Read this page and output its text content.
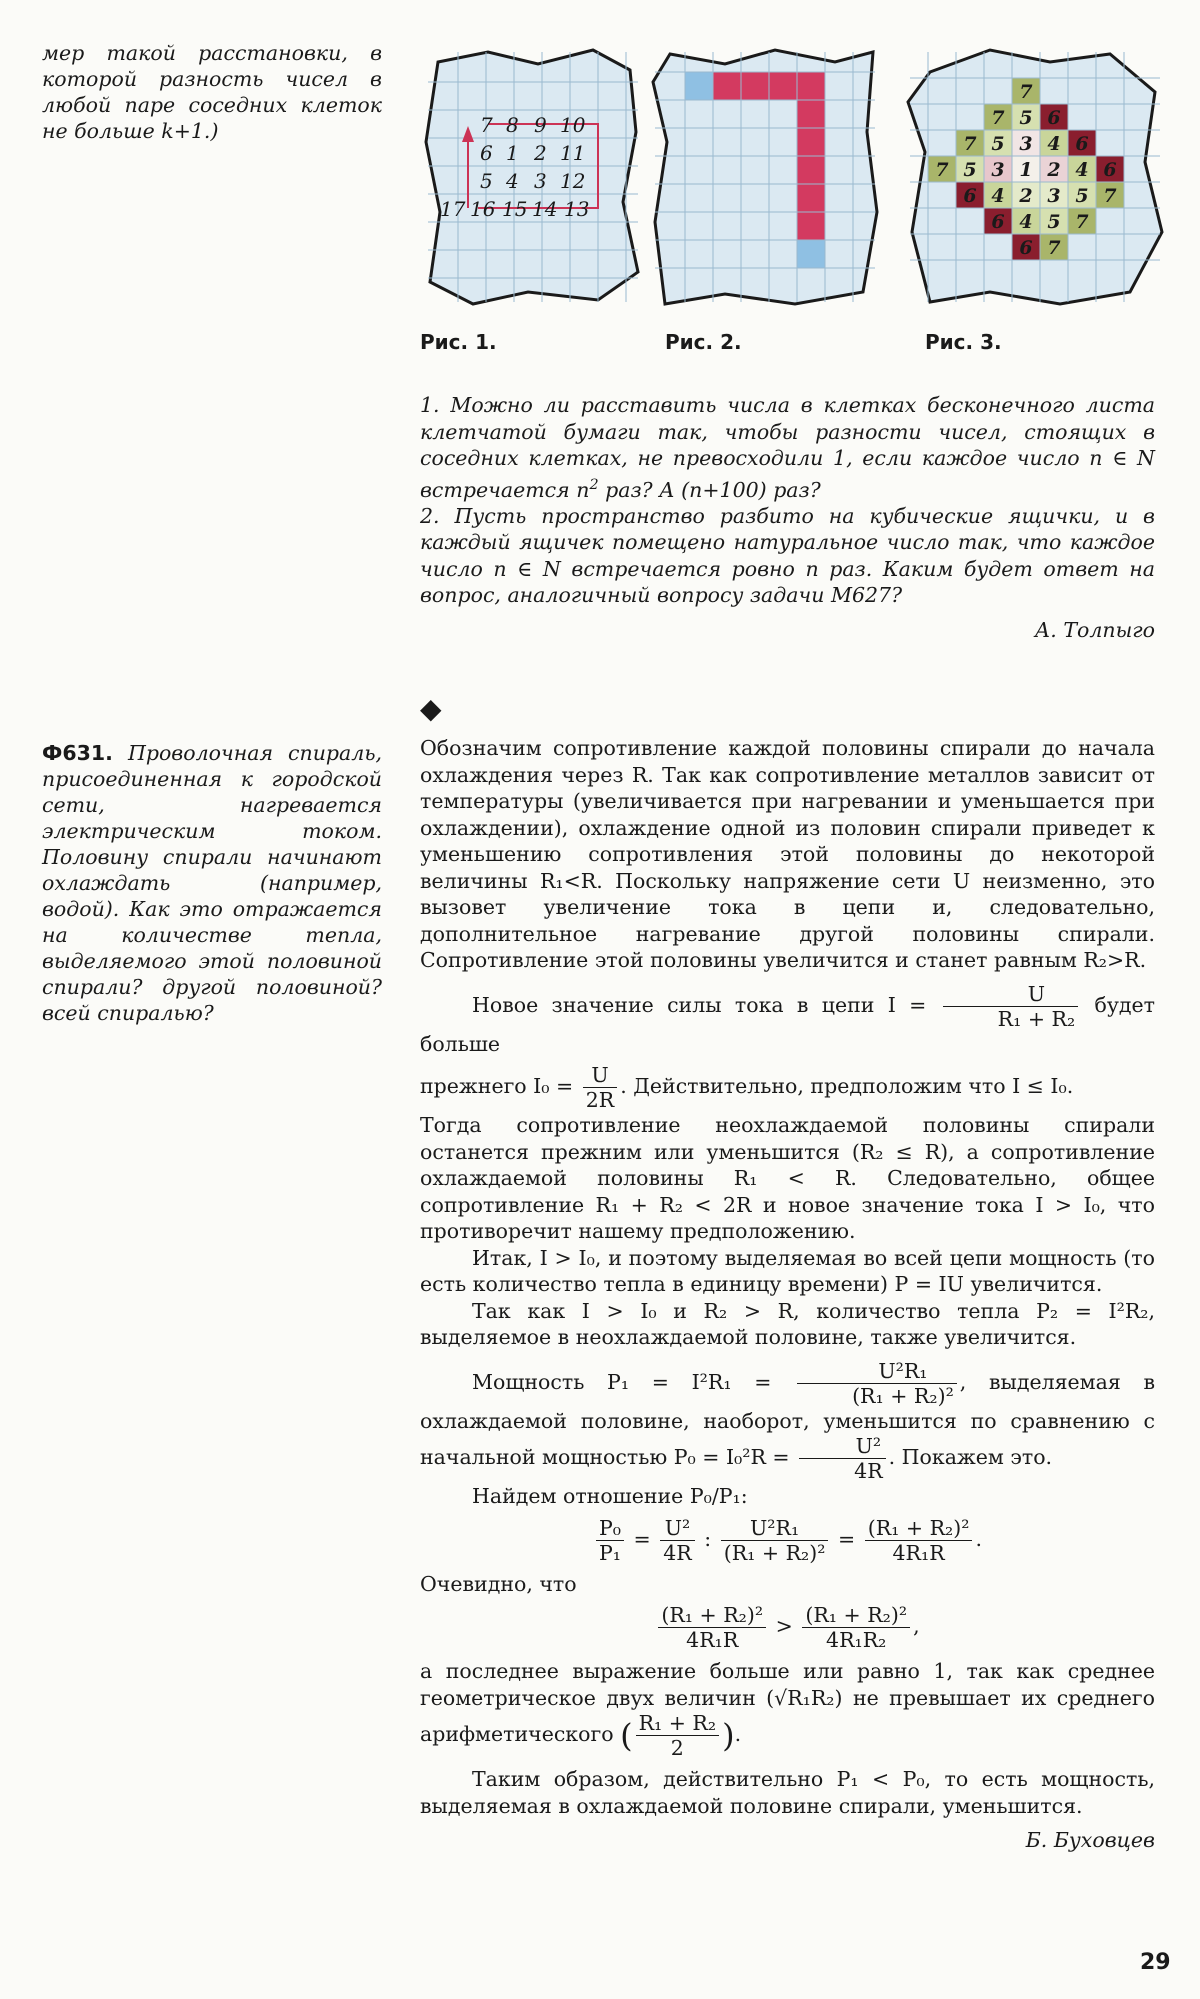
мер такой расстановки, в которой разность чисел в любой паре соседних клеток не больше k+1.)	7 8 9 10
6 1 2 11
5 4 3 12
17 16 15 14 13
7
7 5 6
7 5 3 4 6
7 5 3 1 2 4 6
6 4 2 3 5 7
6 4 5 7
6 7
Рис. 1.	Рис. 2.	Рис. 3.

1. Можно ли расставить числа в клетках бесконечного листа клетчатой бумаги так, чтобы разности чисел, стоящих в соседних клетках, не превосходили 1, если каждое число n ∈ N встречается $n^2$ раз? А (n+100) раз?

2. Пусть пространство разбито на кубические ящички, и в каждый ящичек помещено натуральное число так, что каждое число n ∈ N встречается ровно n раз. Каким будет ответ на вопрос, аналогичный вопросу задачи М627?

А. Толпыго

Ф631. Проволочная спираль, присоединенная к городской сети, нагревается электрическим током. Половину спирали начинают охлаждать (например, водой). Как это отражается на количестве тепла, выделяемого этой половиной спирали? другой половиной? всей спиралью?
◆

Обозначим сопротивление каждой половины спирали до начала охлаждения через R. Так как сопротивление металлов зависит от температуры (увеличивается при нагревании и уменьшается при охлаждении), охлаждение одной из половин спирали приведет к уменьшению сопротивления этой половины до некоторой величины R₁<R. Поскольку напряжение сети U неизменно, это вызовет увеличение тока в цепи и, следовательно, дополнительное нагревание другой половины спирали. Сопротивление этой половины увеличится и станет равным R₂>R.

Новое значение силы тока в цепи $I = \frac{U}{\text{R₁ + R₂}}$ будет больше

прежнего $I_0 = \frac{U}{2R}$ . Действительно, предположим что I ≤ I₀.

Тогда сопротивление неохлаждаемой половины спирали останется прежним или уменьшится (R₂ ≤ R), а сопротивление охлаждаемой половины R₁ < R. Следовательно, общее сопротивление R₁ + R₂ < 2R и новое значение тока I > I₀, что противоречит нашему предположению.

Итак, I > I₀, и поэтому выделяемая во всей цепи мощность (то есть количество тепла в единицу времени) P = IU увеличится.

Так как I > I₀ и R₂ > R, количество тепла P₂ = I²R₂, выделяемое в неохлаждаемой половине, также увеличится.

Мощность $P_1 = I^2R_1 = \frac{\text{U²R₁}}{\text{(R₁ + R₂)²}}$ , выделяемая в охлаждаемой половине, наоборот, уменьшится по сравнению с начальной мощностью $P_0 = I_0^2R = \frac{\text{U²}}{4R}$ . Покажем это.

Найдем отношение P₀/P₁:

$\frac{\text{P₀}}{\text{P₁}} = \frac{\text{U²}}{4R}$ : $\frac{\text{U²R₁}}{\text{(R₁ + R₂)²}} = \frac{\text{(R₁ + R₂)²}}{\text{4R₁R}}$ .

Очевидно, что

$\frac{\text{(R₁ + R₂)²}}{\text{4R₁R}} > \frac{\text{(R₁ + R₂)²}}{\text{4R₁R₂}}$ ,

а последнее выражение больше или равно 1, так как среднее геометрическое двух величин (√R₁R₂) не превышает их среднего арифметического ( $\frac{\text{R₁ + R₂}}{2}$ ).

Таким образом, действительно P₁ < P₀, то есть мощность, выделяемая в охлаждаемой половине спирали, уменьшится.

Б. Буховцев

29
